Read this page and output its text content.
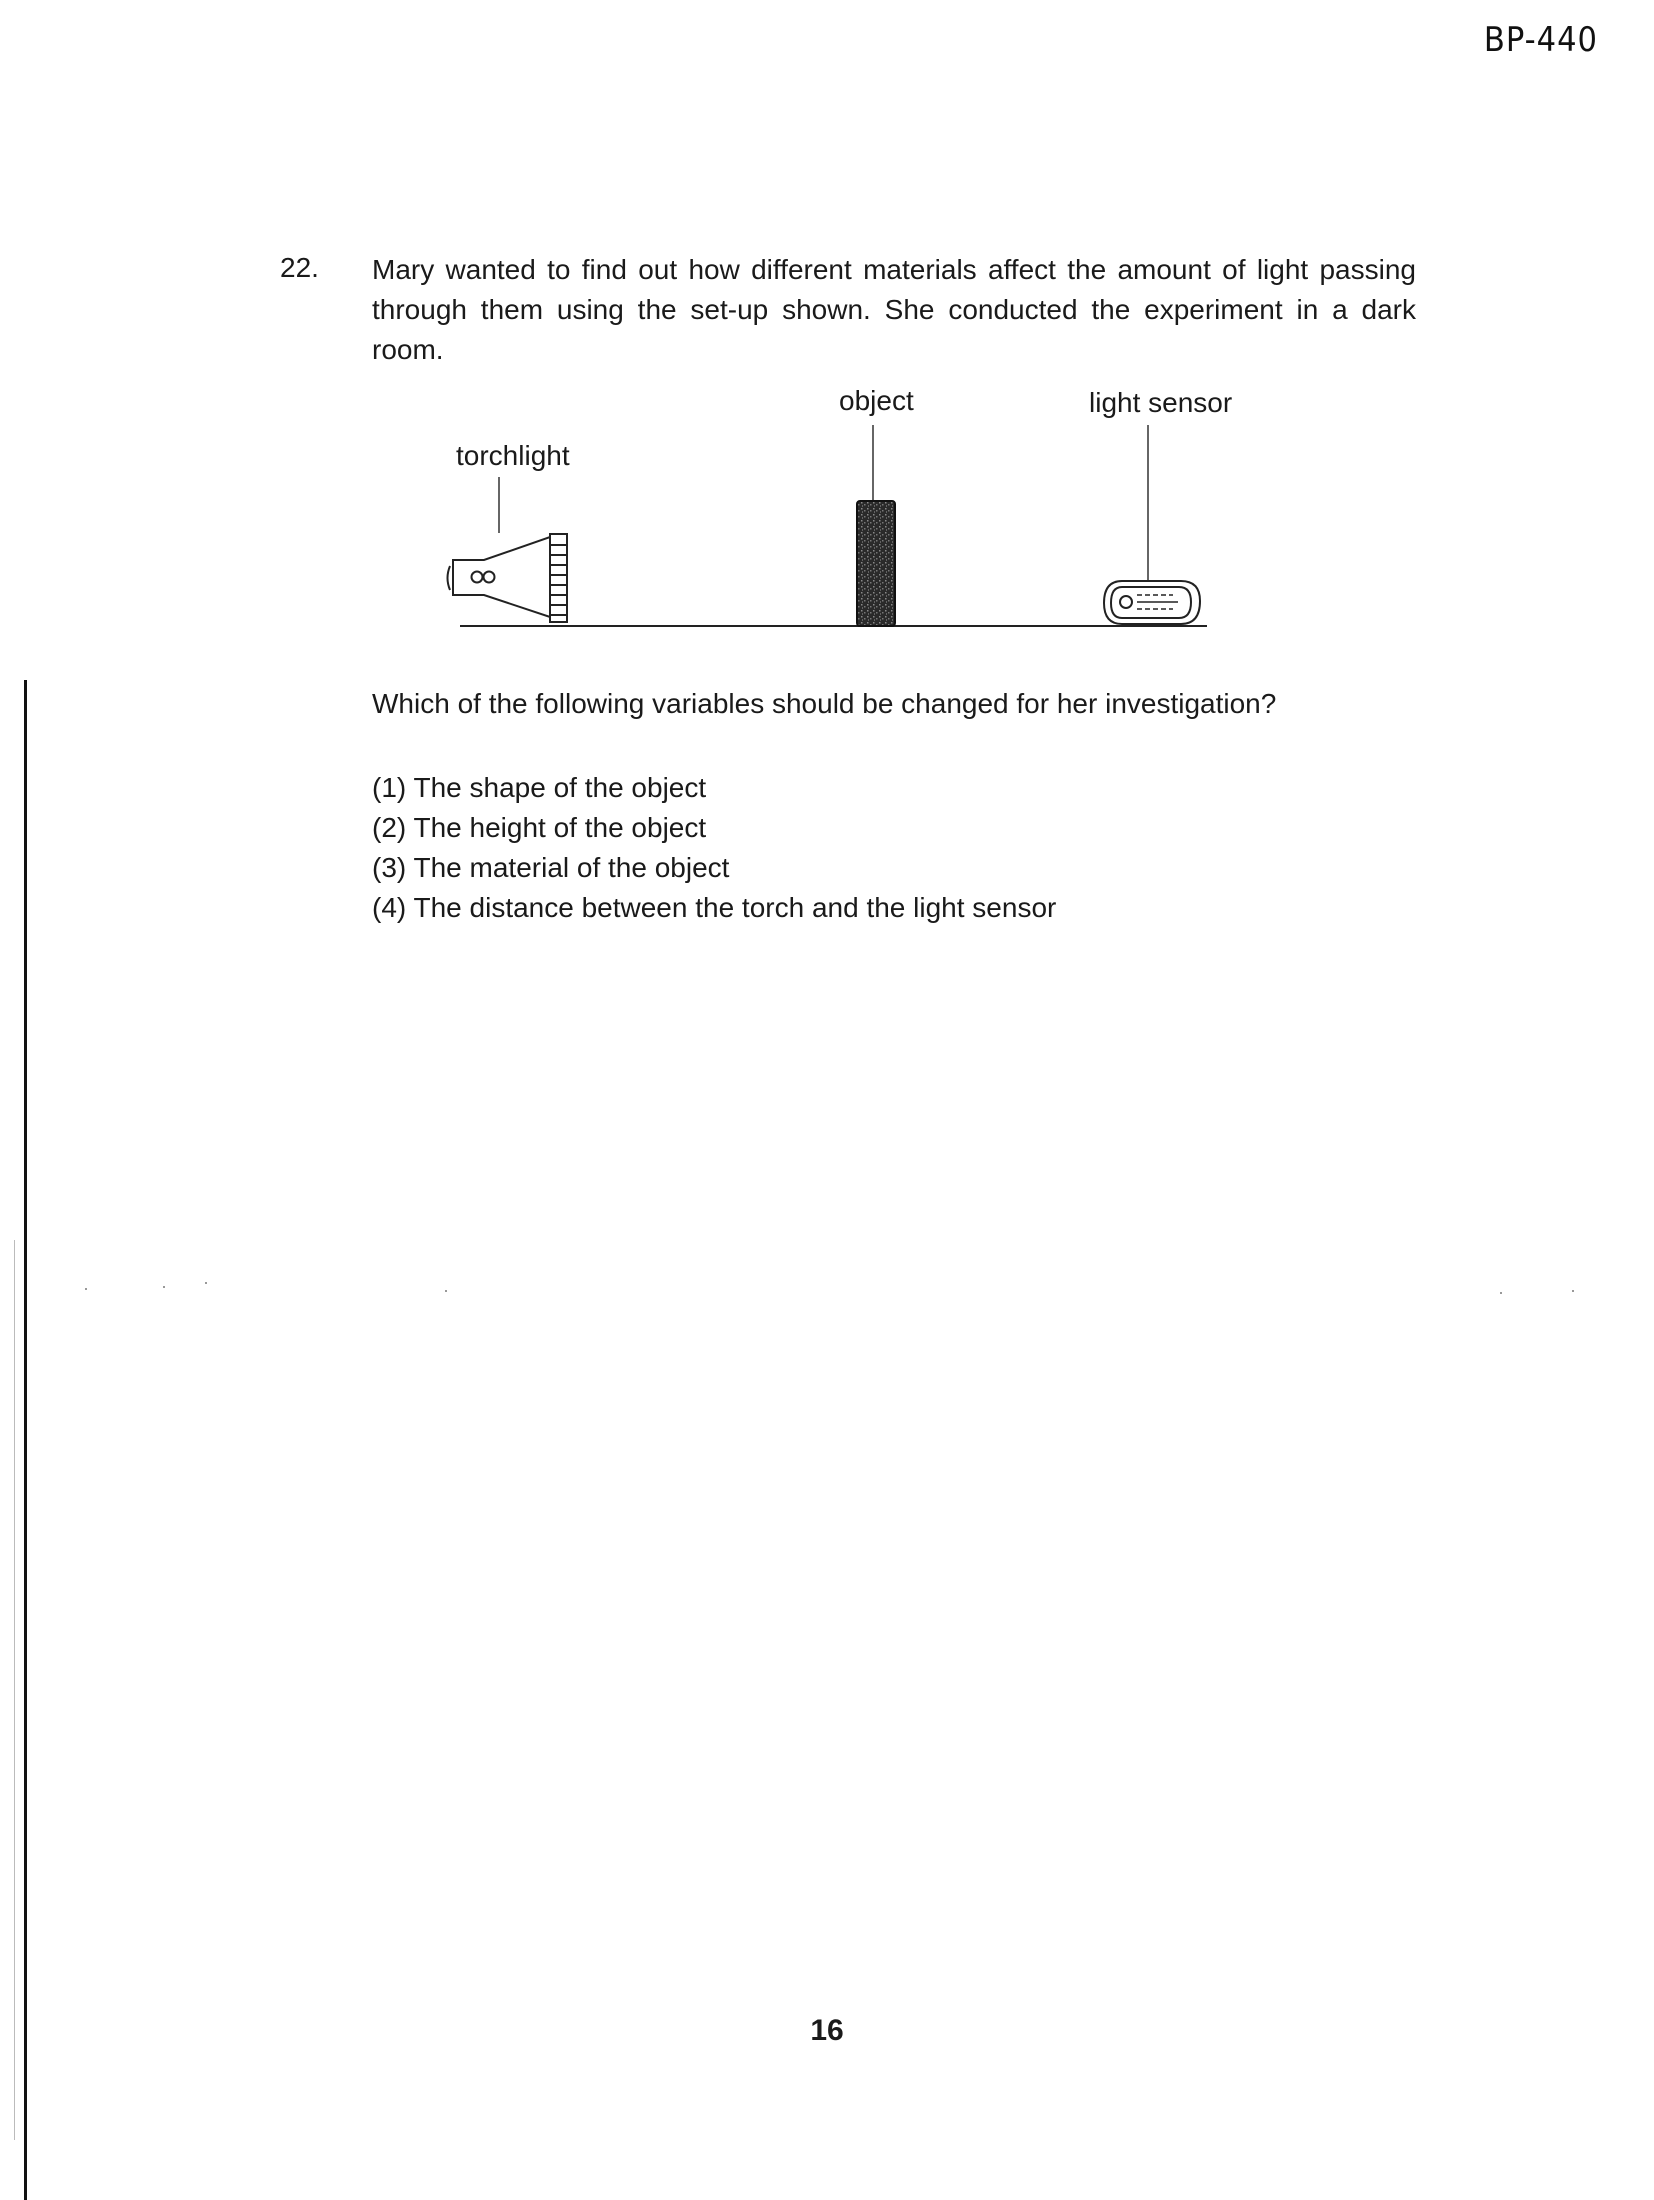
BP-440
22. Mary wanted to find out how different materials affect the amount of light passing through them using the set-up shown. She conducted the experiment in a dark room.

torchlight
object	light sensor

Which of the following variables should be changed for her investigation?

(1) The shape of the object
(2) The height of the object
(3) The material of the object
(4) The distance between the torch and the light sensor
16
